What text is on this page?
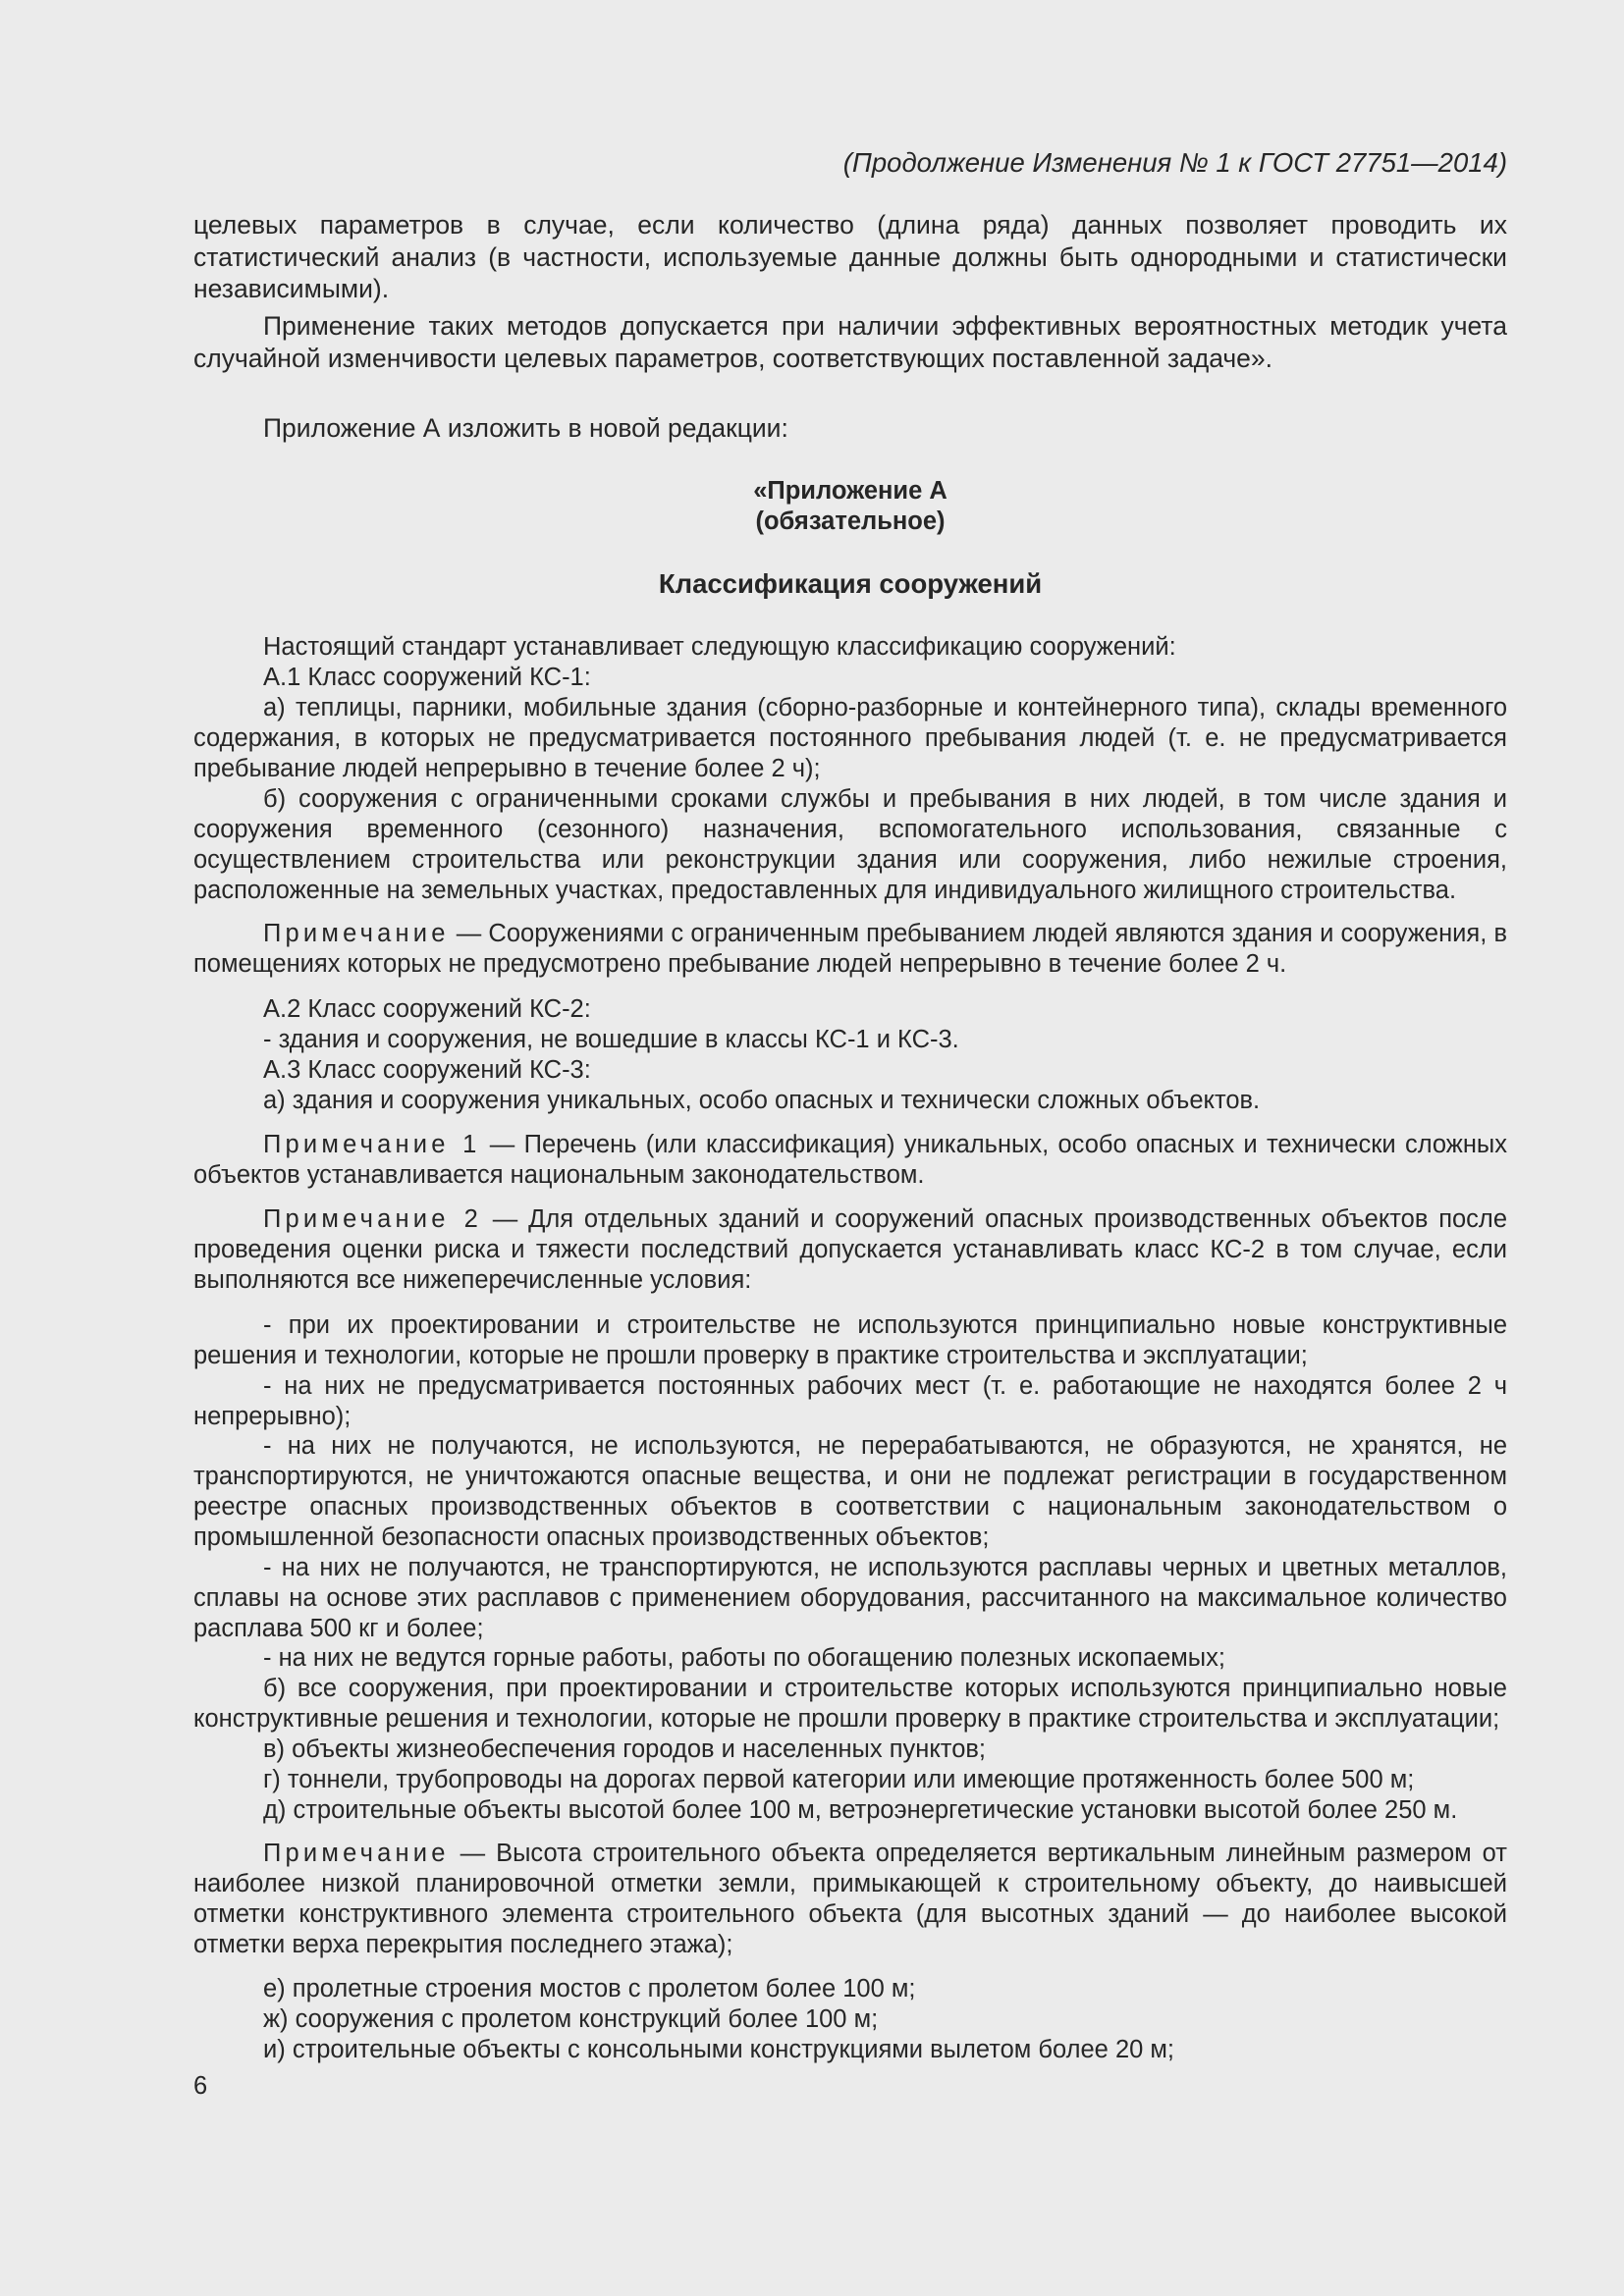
(Продолжение Изменения № 1 к ГОСТ 27751—2014)

целевых параметров в случае, если количество (длина ряда) данных позволяет проводить их статистический анализ (в частности, используемые данные должны быть однородными и статистически независимыми).

Применение таких методов допускается при наличии эффективных вероятностных методик учета случайной изменчивости целевых параметров, соответствующих поставленной задаче».

Приложение А изложить в новой редакции:

«Приложение А

(обязательное)

Классификация сооружений

Настоящий стандарт устанавливает следующую классификацию сооружений:

А.1 Класс сооружений КС-1:

а) теплицы, парники, мобильные здания (сборно-разборные и контейнерного типа), склады временного содержания, в которых не предусматривается постоянного пребывания людей (т. е. не предусматривается пребывание людей непрерывно в течение более 2 ч);

б) сооружения с ограниченными сроками службы и пребывания в них людей, в том числе здания и сооружения временного (сезонного) назначения, вспомогательного использования, связанные с осуществлением строительства или реконструкции здания или сооружения, либо нежилые строения, расположенные на земельных участках, предоставленных для индивидуального жилищного строительства.

Примечание — Сооружениями с ограниченным пребыванием людей являются здания и сооружения, в помещениях которых не предусмотрено пребывание людей непрерывно в течение более 2 ч.

А.2 Класс сооружений КС-2:

- здания и сооружения, не вошедшие в классы КС-1 и КС-3.

А.3 Класс сооружений КС-3:

а) здания и сооружения уникальных, особо опасных и технически сложных объектов.

Примечание 1 — Перечень (или классификация) уникальных, особо опасных и технически сложных объектов устанавливается национальным законодательством.

Примечание 2 — Для отдельных зданий и сооружений опасных производственных объектов после проведения оценки риска и тяжести последствий допускается устанавливать класс КС-2 в том случае, если выполняются все нижеперечисленные условия:

- при их проектировании и строительстве не используются принципиально новые конструктивные решения и технологии, которые не прошли проверку в практике строительства и эксплуатации;

- на них не предусматривается постоянных рабочих мест (т. е. работающие не находятся более 2 ч непрерывно);

- на них не получаются, не используются, не перерабатываются, не образуются, не хранятся, не транспортируются, не уничтожаются опасные вещества, и они не подлежат регистрации в государственном реестре опасных производственных объектов в соответствии с национальным законодательством о промышленной безопасности опасных производственных объектов;

- на них не получаются, не транспортируются, не используются расплавы черных и цветных металлов, сплавы на основе этих расплавов с применением оборудования, рассчитанного на максимальное количество расплава 500 кг и более;

- на них не ведутся горные работы, работы по обогащению полезных ископаемых;

б) все сооружения, при проектировании и строительстве которых используются принципиально новые конструктивные решения и технологии, которые не прошли проверку в практике строительства и эксплуатации;

в) объекты жизнеобеспечения городов и населенных пунктов;

г) тоннели, трубопроводы на дорогах первой категории или имеющие протяженность более 500 м;

д) строительные объекты высотой более 100 м, ветроэнергетические установки высотой более 250 м.

Примечание — Высота строительного объекта определяется вертикальным линейным размером от наиболее низкой планировочной отметки земли, примыкающей к строительному объекту, до наивысшей отметки конструктивного элемента строительного объекта (для высотных зданий — до наиболее высокой отметки верха перекрытия последнего этажа);

е) пролетные строения мостов с пролетом более 100 м;

ж) сооружения с пролетом конструкций более 100 м;

и) строительные объекты с консольными конструкциями вылетом более 20 м;

6
